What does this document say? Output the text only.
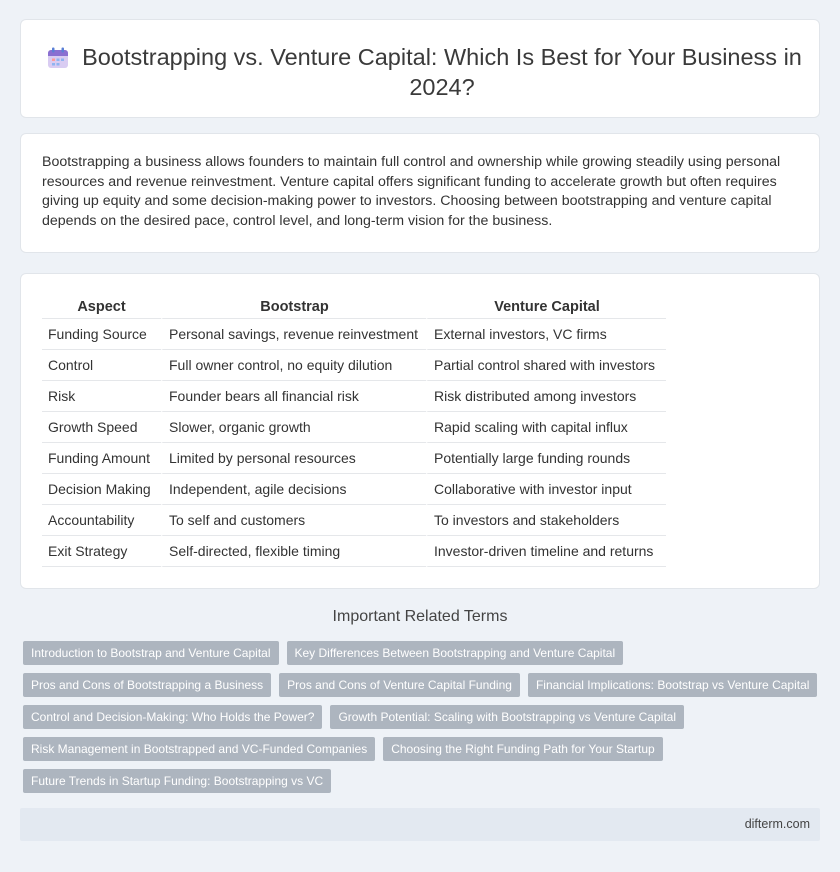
Bootstrapping vs. Venture Capital: Which Is Best for Your Business in 2024?

Bootstrapping a business allows founders to maintain full control and ownership while growing steadily using personal resources and revenue reinvestment. Venture capital offers significant funding to accelerate growth but often requires giving up equity and some decision-making power to investors. Choosing between bootstrapping and venture capital depends on the desired pace, control level, and long-term vision for the business.

Aspect	Bootstrap	Venture Capital
Funding Source	Personal savings, revenue reinvestment	External investors, VC firms
Control	Full owner control, no equity dilution	Partial control shared with investors
Risk	Founder bears all financial risk	Risk distributed among investors
Growth Speed	Slower, organic growth	Rapid scaling with capital influx
Funding Amount	Limited by personal resources	Potentially large funding rounds
Decision Making	Independent, agile decisions	Collaborative with investor input
Accountability	To self and customers	To investors and stakeholders
Exit Strategy	Self-directed, flexible timing	Investor-driven timeline and returns
Important Related Terms
Introduction to Bootstrap and Venture Capital	Key Differences Between Bootstrapping and Venture Capital
Pros and Cons of Bootstrapping a Business	Pros and Cons of Venture Capital Funding	Financial Implications: Bootstrap vs Venture Capital
Control and Decision-Making: Who Holds the Power?	Growth Potential: Scaling with Bootstrapping vs Venture Capital
Risk Management in Bootstrapped and VC-Funded Companies	Choosing the Right Funding Path for Your Startup
Future Trends in Startup Funding: Bootstrapping vs VC
difterm.com
